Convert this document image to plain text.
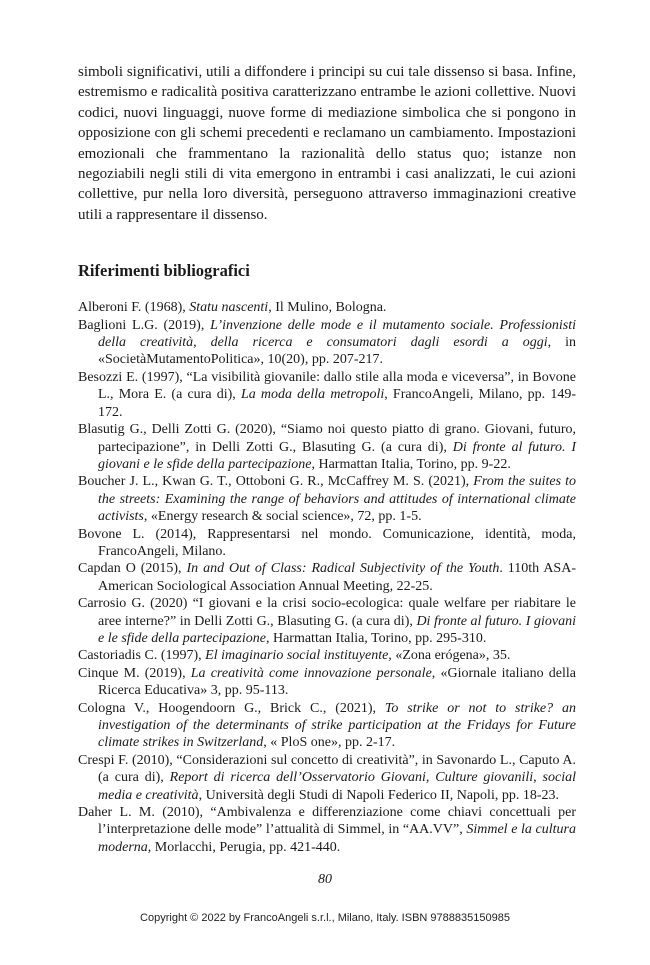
simboli significativi, utili a diffondere i principi su cui tale dissenso si basa. Infine, estremismo e radicalità positiva caratterizzano entrambe le azioni collettive. Nuovi codici, nuovi linguaggi, nuove forme di mediazione simbolica che si pongono in opposizione con gli schemi precedenti e reclamano un cambiamento. Impostazioni emozionali che frammentano la razionalità dello status quo; istanze non negoziabili negli stili di vita emergono in entrambi i casi analizzati, le cui azioni collettive, pur nella loro diversità, perseguono attraverso immaginazioni creative utili a rappresentare il dissenso.

Riferimenti bibliografici
Alberoni F. (1968), Statu nascenti, Il Mulino, Bologna.
Baglioni L.G. (2019), L’invenzione delle mode e il mutamento sociale. Professionisti della creatività, della ricerca e consumatori dagli esordi a oggi, in «SocietàMutamentoPolitica», 10(20), pp. 207-217.
Besozzi E. (1997), “La visibilità giovanile: dallo stile alla moda e viceversa”, in Bovone L., Mora E. (a cura di), La moda della metropoli, FrancoAngeli, Milano, pp. 149-172.
Blasutig G., Delli Zotti G. (2020), “Siamo noi questo piatto di grano. Giovani, futuro, partecipazione”, in Delli Zotti G., Blasuting G. (a cura di), Di fronte al futuro. I giovani e le sfide della partecipazione, Harmattan Italia, Torino, pp. 9-22.
Boucher J. L., Kwan G. T., Ottoboni G. R., McCaffrey M. S. (2021), From the suites to the streets: Examining the range of behaviors and attitudes of international climate activists, «Energy research & social science», 72, pp. 1-5.
Bovone L. (2014), Rappresentarsi nel mondo. Comunicazione, identità, moda, FrancoAngeli, Milano.
Capdan O (2015), In and Out of Class: Radical Subjectivity of the Youth. 110th ASA-American Sociological Association Annual Meeting, 22-25.
Carrosio G. (2020) “I giovani e la crisi socio-ecologica: quale welfare per riabitare le aree interne?” in Delli Zotti G., Blasuting G. (a cura di), Di fronte al futuro. I giovani e le sfide della partecipazione, Harmattan Italia, Torino, pp. 295-310.
Castoriadis C. (1997), El imaginario social instituyente, «Zona erógena», 35.
Cinque M. (2019), La creatività come innovazione personale, «Giornale italiano della Ricerca Educativa» 3, pp. 95-113.
Cologna V., Hoogendoorn G., Brick C., (2021), To strike or not to strike? an investigation of the determinants of strike participation at the Fridays for Future climate strikes in Switzerland, « PloS one», pp. 2-17.
Crespi F. (2010), “Considerazioni sul concetto di creatività”, in Savonardo L., Caputo A. (a cura di), Report di ricerca dell’Osservatorio Giovani, Culture giovanili, social media e creatività, Università degli Studi di Napoli Federico II, Napoli, pp. 18-23.
Daher L. M. (2010), “Ambivalenza e differenziazione come chiavi concettuali per l’interpretazione delle mode” l’attualità di Simmel, in “AA.VV”, Simmel e la cultura moderna, Morlacchi, Perugia, pp. 421-440.
80
Copyright © 2022 by FrancoAngeli s.r.l., Milano, Italy. ISBN 9788835150985
